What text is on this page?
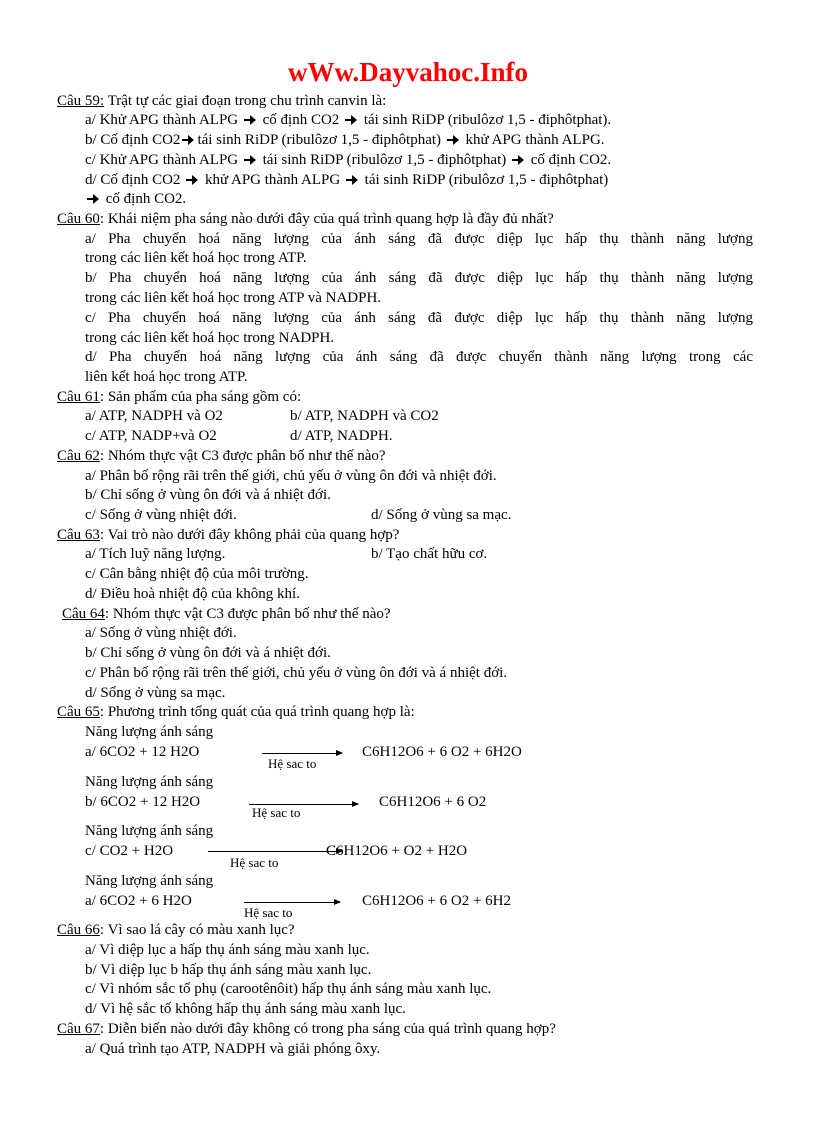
wWw.Dayvahoc.Info
Câu 59: Trật tự các giai đoạn trong chu trình canvin là:
a/ Khử APG thành ALPG cố định CO2 tái sinh RiDP (ribulôzơ 1,5 - điphôtphat).
b/ Cố định CO2 tái sinh RiDP (ribulôzơ 1,5 - điphôtphat) khử APG thành ALPG.
c/ Khử APG thành ALPG tái sinh RiDP (ribulôzơ 1,5 - điphôtphat) cố định CO2.
d/ Cố định CO2 khử APG thành ALPG tái sinh RiDP (ribulôzơ 1,5 - điphôtphat)
cố định CO2.
Câu 60: Khái niệm pha sáng nào dưới đây của quá trình quang hợp là đầy đủ nhất?
a/ Pha chuyển hoá năng lượng của ánh sáng đã được diệp lục hấp thụ thành năng lượng
trong các liên kết hoá học trong ATP.
b/ Pha chuyển hoá năng lượng của ánh sáng đã được diệp lục hấp thụ thành năng lượng
trong các liên kết hoá học trong ATP và NADPH.
c/ Pha chuyển hoá năng lượng của ánh sáng đã được diệp lục hấp thụ thành năng lượng
trong các liên kết hoá học trong NADPH.
d/ Pha chuyển hoá năng lượng của ánh sáng đã được chuyển thành năng lượng trong các
liên kết hoá học trong ATP.
Câu 61: Sản phẩm của pha sáng gồm có:
a/ ATP, NADPH và O2	b/ ATP, NADPH và CO2
c/ ATP, NADP+và O2	d/ ATP, NADPH.
Câu 62: Nhóm thực vật C3 được phân bố như thế nào?
a/ Phân bố rộng rãi trên thế giới, chủ yếu ở vùng ôn đới và nhiệt đới.
b/ Chỉ sống ở vùng ôn đới và á nhiệt đới.
c/ Sống ở vùng nhiệt đới.	d/ Sống ở vùng sa mạc.
Câu 63: Vai trò nào dưới đây không phải của quang hợp?
a/ Tích luỹ năng lượng.	b/ Tạo chất hữu cơ.
c/ Cân bằng nhiệt độ của môi trường.
d/ Điều hoà nhiệt độ của không khí.
Câu 64: Nhóm thực vật C3 được phân bố như thế nào?
a/ Sống ở vùng nhiệt đới.
b/ Chỉ sống ở vùng ôn đới và á nhiệt đới.
c/ Phân bố rộng rãi trên thế giới, chủ yếu ở vùng ôn đới và á nhiệt đới.
d/ Sống ở vùng sa mạc.
Câu 65: Phương trình tổng quát của quá trình quang hợp là:
Năng lượng ánh sáng
a/ 6CO2 + 12 H2O
Hệ sac to
C6H12O6 + 6 O2 + 6H2O
Năng lượng ánh sáng
b/ 6CO2 + 12 H2O
Hệ sac to
C6H12O6 + 6 O2
Năng lượng ánh sáng
c/ CO2 + H2O
Hệ sac to
C6H12O6 + O2 + H2O
Năng lượng ánh sáng
a/ 6CO2 + 6 H2O
Hệ sac to
C6H12O6 + 6 O2 + 6H2
Câu 66: Vì sao lá cây có màu xanh lục?
a/ Vì diệp lục a hấp thụ ánh sáng màu xanh lục.
b/ Vì diệp lục b hấp thụ ánh sáng màu xanh lục.
c/ Vì nhóm sắc tố phụ (carootênôit) hấp thụ ánh sáng màu xanh lục.
d/ Vì hệ sắc tố không hấp thụ ánh sáng màu xanh lục.
Câu 67: Diễn biến nào dưới đây không có trong pha sáng của quá trình quang hợp?
a/ Quá trình tạo ATP, NADPH và giải phóng ôxy.
